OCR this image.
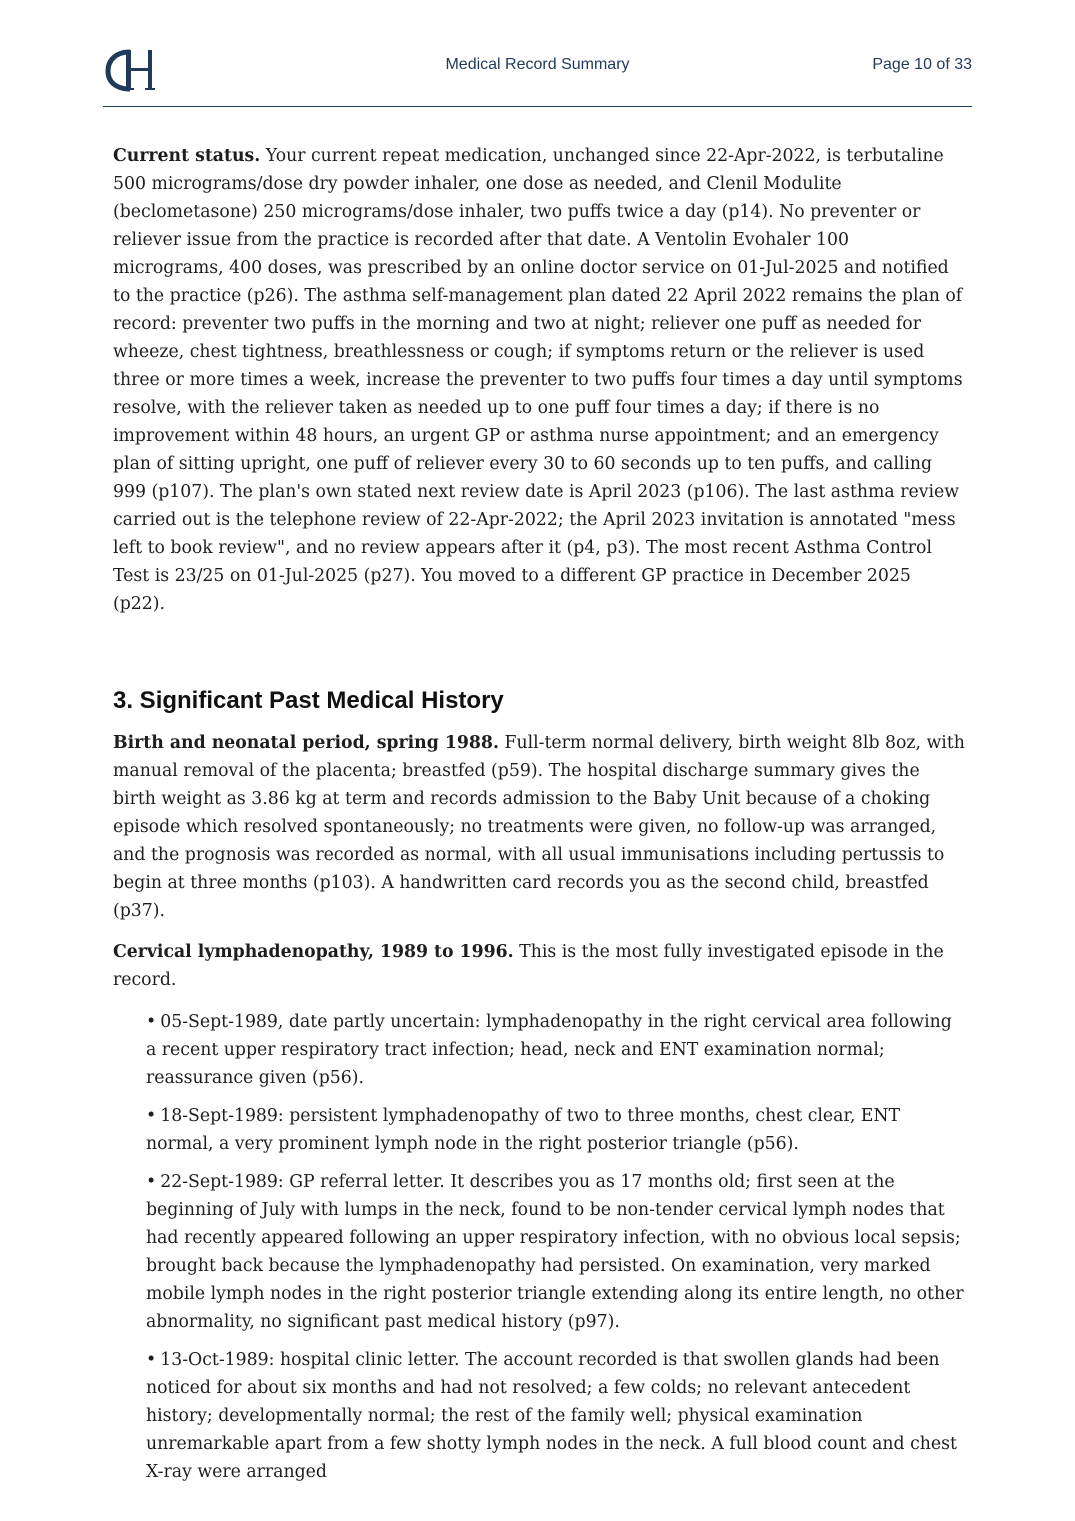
Medical Record Summary	Page 10 of 33

Current status. Your current repeat medication, unchanged since 22-Apr-2022, is terbutaline 500 micrograms/dose dry powder inhaler, one dose as needed, and Clenil Modulite (beclometasone) 250 micrograms/dose inhaler, two puffs twice a day (p14). No preventer or reliever issue from the practice is recorded after that date. A Ventolin Evohaler 100 micrograms, 400 doses, was prescribed by an online doctor service on 01-Jul-2025 and notified to the practice (p26). The asthma self-management plan dated 22 April 2022 remains the plan of record: preventer two puffs in the morning and two at night; reliever one puff as needed for wheeze, chest tightness, breathlessness or cough; if symptoms return or the reliever is used three or more times a week, increase the preventer to two puffs four times a day until symptoms resolve, with the reliever taken as needed up to one puff four times a day; if there is no improvement within 48 hours, an urgent GP or asthma nurse appointment; and an emergency plan of sitting upright, one puff of reliever every 30 to 60 seconds up to ten puffs, and calling 999 (p107). The plan's own stated next review date is April 2023 (p106). The last asthma review carried out is the telephone review of 22-Apr-2022; the April 2023 invitation is annotated "mess left to book review", and no review appears after it (p4, p3). The most recent Asthma Control Test is 23/25 on 01-Jul-2025 (p27). You moved to a different GP practice in December 2025 (p22).

3. Significant Past Medical History

Birth and neonatal period, spring 1988. Full-term normal delivery, birth weight 8lb 8oz, with manual removal of the placenta; breastfed (p59). The hospital discharge summary gives the birth weight as 3.86 kg at term and records admission to the Baby Unit because of a choking episode which resolved spontaneously; no treatments were given, no follow-up was arranged, and the prognosis was recorded as normal, with all usual immunisations including pertussis to begin at three months (p103). A handwritten card records you as the second child, breastfed (p37).

Cervical lymphadenopathy, 1989 to 1996. This is the most fully investigated episode in the record.

• 05-Sept-1989, date partly uncertain: lymphadenopathy in the right cervical area following a recent upper respiratory tract infection; head, neck and ENT examination normal; reassurance given (p56).
• 18-Sept-1989: persistent lymphadenopathy of two to three months, chest clear, ENT normal, a very prominent lymph node in the right posterior triangle (p56).
• 22-Sept-1989: GP referral letter. It describes you as 17 months old; first seen at the beginning of July with lumps in the neck, found to be non-tender cervical lymph nodes that had recently appeared following an upper respiratory infection, with no obvious local sepsis; brought back because the lymphadenopathy had persisted. On examination, very marked mobile lymph nodes in the right posterior triangle extending along its entire length, no other abnormality, no significant past medical history (p97).
• 13-Oct-1989: hospital clinic letter. The account recorded is that swollen glands had been noticed for about six months and had not resolved; a few colds; no relevant antecedent history; developmentally normal; the rest of the family well; physical examination unremarkable apart from a few shotty lymph nodes in the neck. A full blood count and chest X-ray were arranged
